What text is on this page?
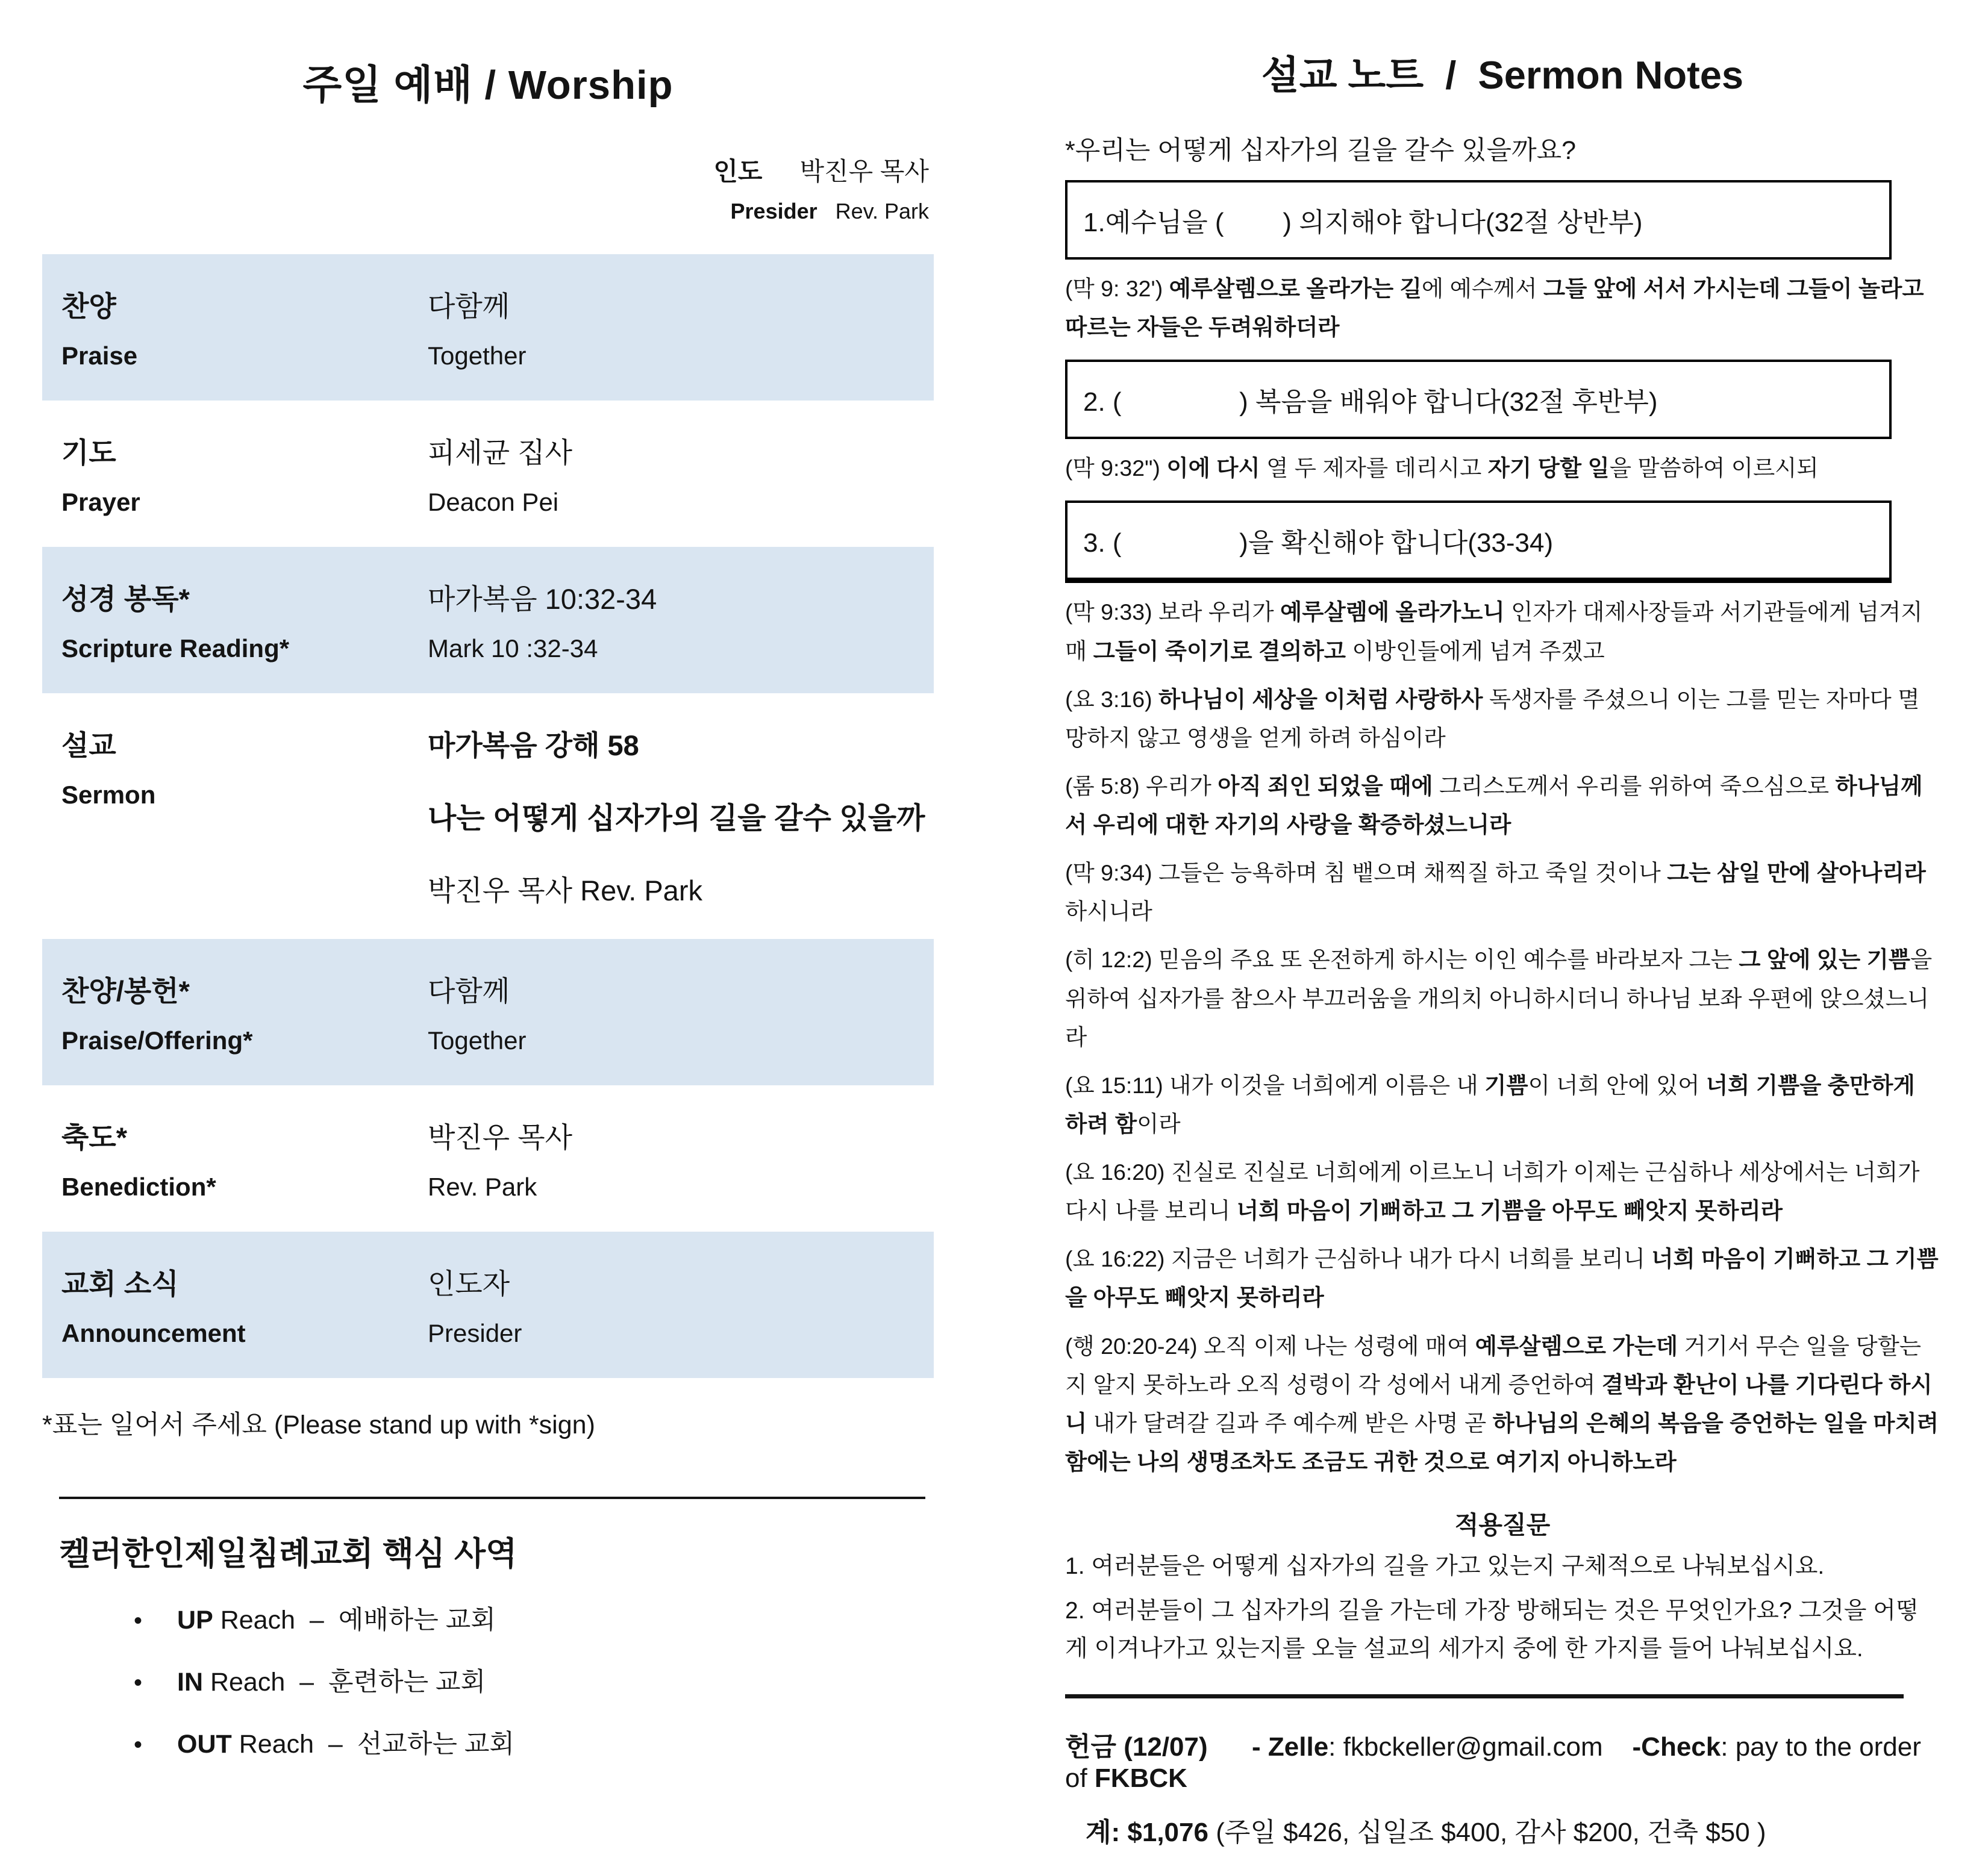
주일 예배 / Worship
인도 박진우 목사
Presider Rev. Park
찬양
Praise
다함께
Together
기도
Prayer
피세균 집사
Deacon Pei
성경 봉독*
Scripture Reading*
마가복음 10:32-34
Mark 10 :32-34
설교
Sermon
마가복음 강해 58
나는 어떻게 십자가의 길을 갈수 있을까
박진우 목사 Rev. Park
찬양/봉헌*
Praise/Offering*
다함께
Together
축도*
Benediction*
박진우 목사
Rev. Park
교회 소식
Announcement
인도자
Presider
*표는 일어서 주세요 (Please stand up with *sign)
켈러한인제일침례교회 핵심 사역
• UP Reach  –  예배하는 교회
• IN Reach  –  훈련하는 교회
• OUT Reach  –  선교하는 교회
설교 노트  /  Sermon Notes
*우리는 어떻게 십자가의 길을 갈수 있을까요?
1.예수님을 (        ) 의지해야 합니다(32절 상반부)

(막 9: 32') 예루살렘으로 올라가는 길에 예수께서 그들 앞에 서서 가시는데 그들이 놀라고 따르는 자들은 두려워하더라

2. (                ) 복음을 배워야 합니다(32절 후반부)

(막 9:32") 이에 다시 열 두 제자를 데리시고 자기 당할 일을 말씀하여 이르시되

3. (                )을 확신해야 합니다(33-34)

(막 9:33) 보라 우리가 예루살렘에 올라가노니 인자가 대제사장들과 서기관들에게 넘겨지매 그들이 죽이기로 결의하고 이방인들에게 넘겨 주겠고

(요 3:16) 하나님이 세상을 이처럼 사랑하사 독생자를 주셨으니 이는 그를 믿는 자마다 멸망하지 않고 영생을 얻게 하려 하심이라

(롬 5:8) 우리가 아직 죄인 되었을 때에 그리스도께서 우리를 위하여 죽으심으로 하나님께서 우리에 대한 자기의 사랑을 확증하셨느니라

(막 9:34) 그들은 능욕하며 침 뱉으며 채찍질 하고 죽일 것이나 그는 삼일 만에 살아나리라 하시니라

(히 12:2) 믿음의 주요 또 온전하게 하시는 이인 예수를 바라보자 그는 그 앞에 있는 기쁨을 위하여 십자가를 참으사 부끄러움을 개의치 아니하시더니 하나님 보좌 우편에 앉으셨느니라

(요 15:11) 내가 이것을 너희에게 이름은 내 기쁨이 너희 안에 있어 너희 기쁨을 충만하게 하려 함이라

(요 16:20) 진실로 진실로 너희에게 이르노니 너희가 이제는 근심하나 세상에서는 너희가 다시 나를 보리니 너희 마음이 기뻐하고 그 기쁨을 아무도 빼앗지 못하리라

(요 16:22) 지금은 너희가 근심하나 내가 다시 너희를 보리니 너희 마음이 기뻐하고 그 기쁨을 아무도 빼앗지 못하리라

(행 20:20-24) 오직 이제 나는 성령에 매여 예루살렘으로 가는데 거기서 무슨 일을 당할는지 알지 못하노라 오직 성령이 각 성에서 내게 증언하여 결박과 환난이 나를 기다린다 하시니 내가 달려갈 길과 주 예수께 받은 사명 곧 하나님의 은혜의 복음을 증언하는 일을 마치려 함에는 나의 생명조차도 조금도 귀한 것으로 여기지 아니하노라

적용질문
1. 여러분들은 어떻게 십자가의 길을 가고 있는지 구체적으로 나눠보십시요.
2. 여러분들이 그 십자가의 길을 가는데 가장 방해되는 것은 무엇인가요? 그것을 어떻게 이겨나가고 있는지를 오늘 설교의 세가지 중에 한 가지를 들어 나눠보십시요.
헌금 (12/07) - Zelle: fkbckeller@gmail.com    -Check: pay to the order of FKBCK
계: $1,076 (주일 $426, 십일조 $400, 감사 $200, 건축 $50 )
